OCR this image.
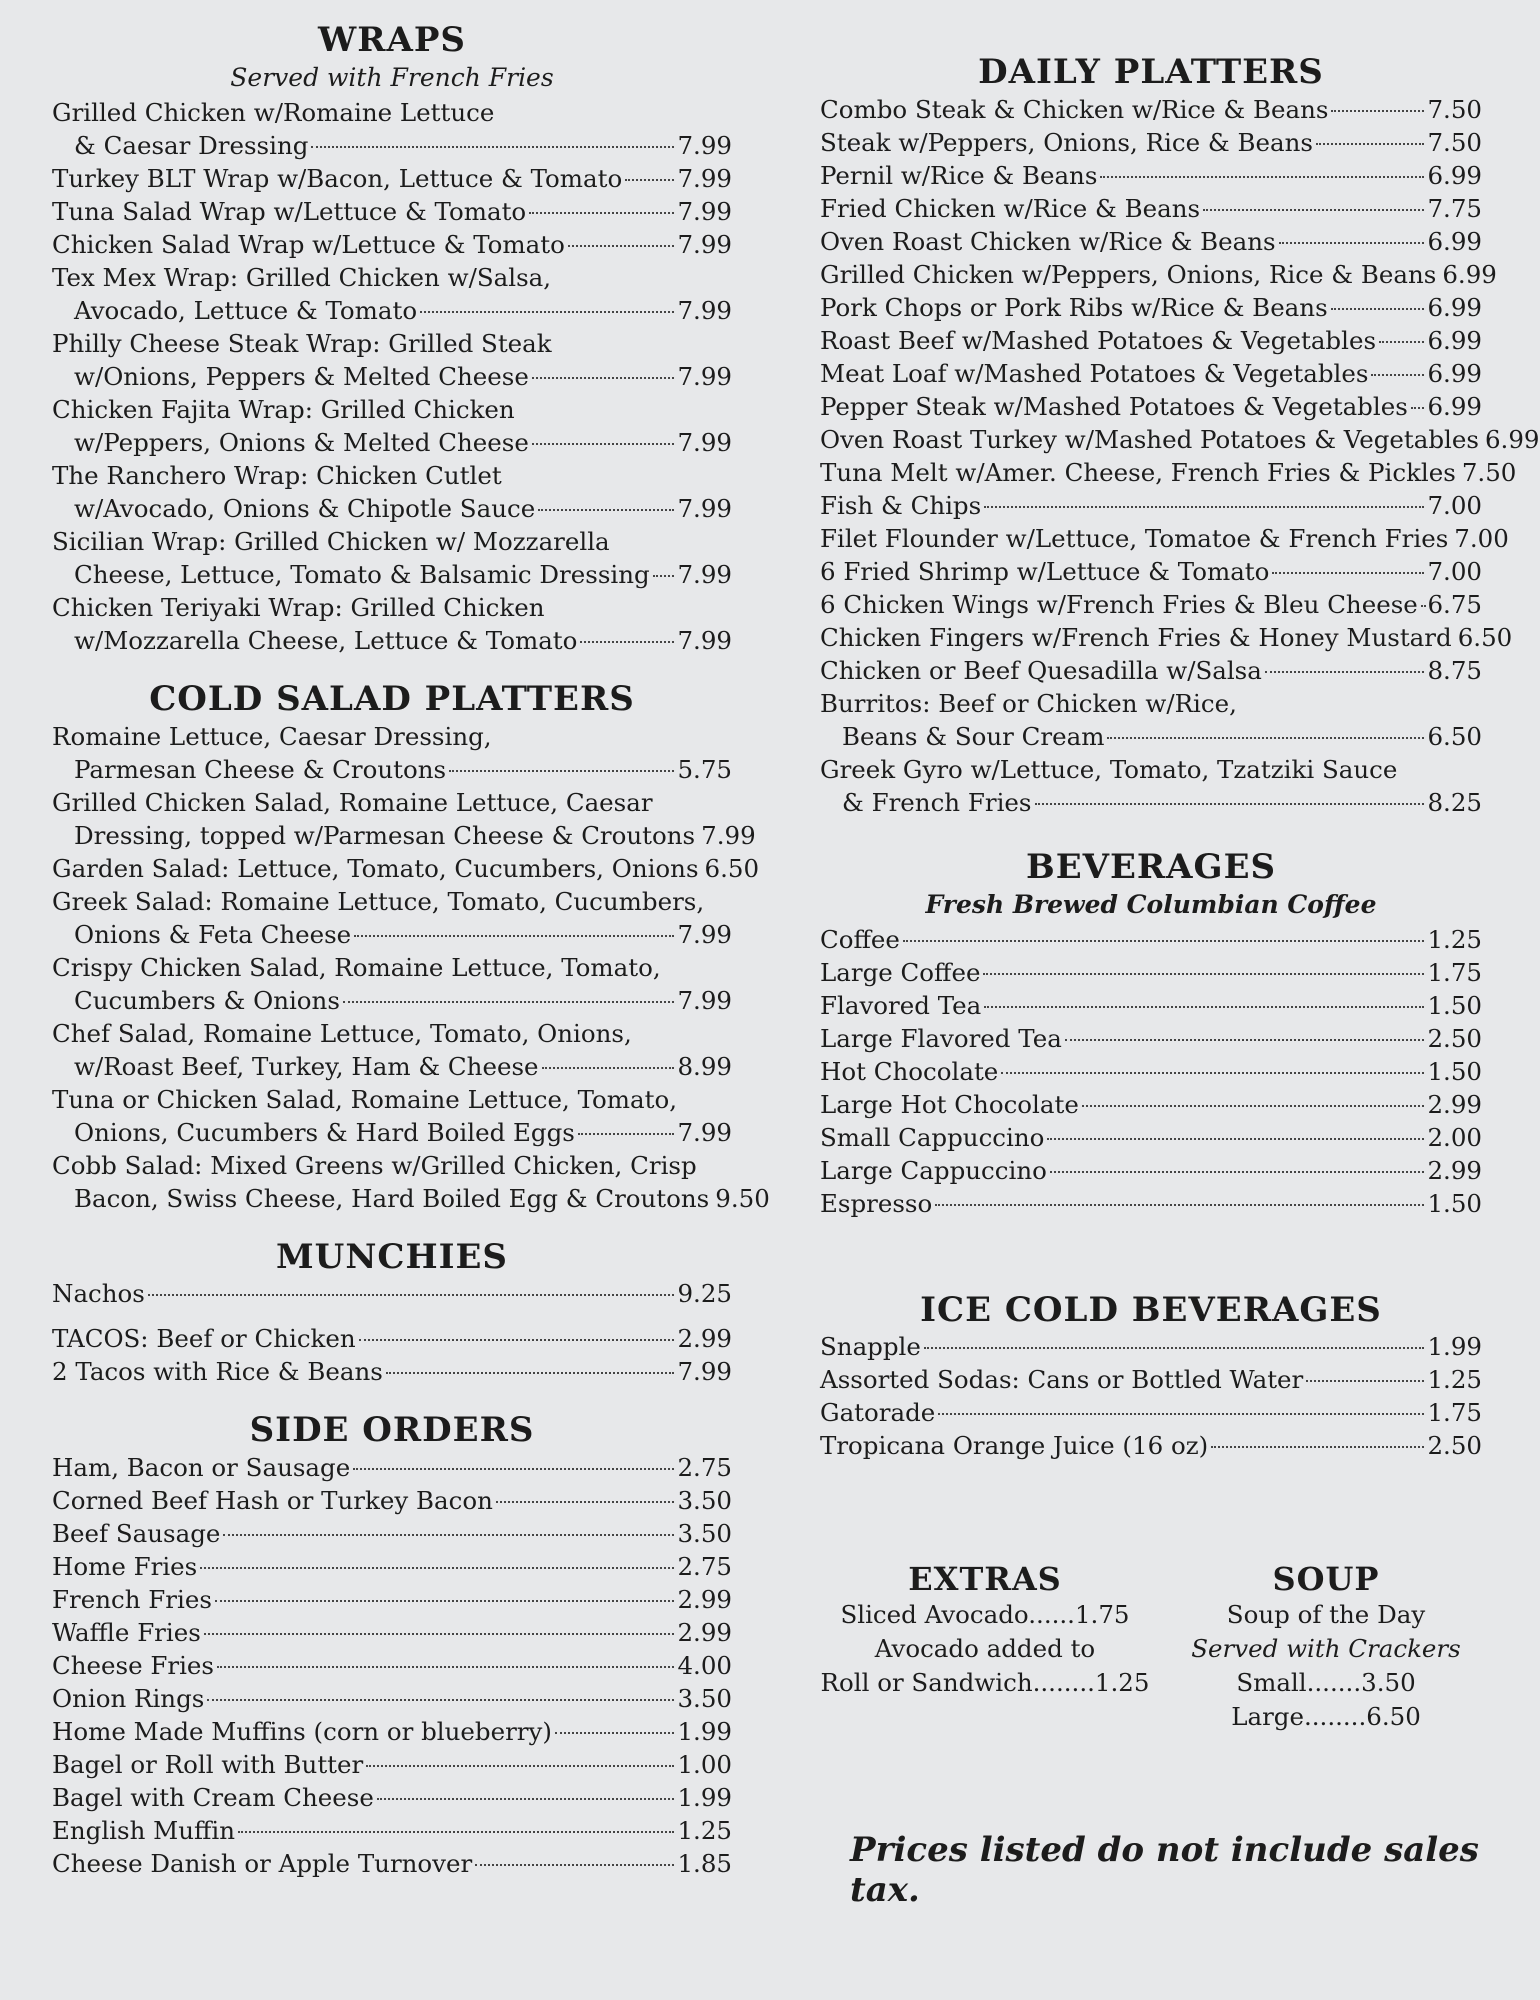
WRAPS
Served with French Fries
Grilled Chicken w/Romaine Lettuce
& Caesar Dressing	7.99
Turkey BLT Wrap w/Bacon, Lettuce & Tomato 7.99
Tuna Salad Wrap w/Lettuce & Tomato	7.99
Chicken Salad Wrap w/Lettuce & Tomato	7.99
Tex Mex Wrap: Grilled Chicken w/Salsa,
Avocado, Lettuce & Tomato	7.99
Philly Cheese Steak Wrap: Grilled Steak
w/Onions, Peppers & Melted Cheese	7.99
Chicken Fajita Wrap: Grilled Chicken
w/Peppers, Onions & Melted Cheese	7.99
The Ranchero Wrap: Chicken Cutlet
w/Avocado, Onions & Chipotle Sauce	7.99
Sicilian Wrap: Grilled Chicken w/ Mozzarella
Cheese, Lettuce, Tomato & Balsamic Dressing 7.99
Chicken Teriyaki Wrap: Grilled Chicken
w/Mozzarella Cheese, Lettuce & Tomato	7.99
COLD SALAD PLATTERS
Romaine Lettuce, Caesar Dressing,
Parmesan Cheese & Croutons	5.75
Grilled Chicken Salad, Romaine Lettuce, Caesar
Dressing, topped w/Parmesan Cheese & Croutons 7.99
Garden Salad: Lettuce, Tomato, Cucumbers, Onions 6.50
Greek Salad: Romaine Lettuce, Tomato, Cucumbers,
Onions & Feta Cheese	7.99
Crispy Chicken Salad, Romaine Lettuce, Tomato,
Cucumbers & Onions	7.99
Chef Salad, Romaine Lettuce, Tomato, Onions,
w/Roast Beef, Turkey, Ham & Cheese	8.99
Tuna or Chicken Salad, Romaine Lettuce, Tomato,
Onions, Cucumbers & Hard Boiled Eggs	7.99
Cobb Salad: Mixed Greens w/Grilled Chicken, Crisp
Bacon, Swiss Cheese, Hard Boiled Egg & Croutons 9.50
MUNCHIES
Nachos	9.25
TACOS: Beef or Chicken	2.99
2 Tacos with Rice & Beans	7.99
SIDE ORDERS
Ham, Bacon or Sausage	2.75
Corned Beef Hash or Turkey Bacon	3.50
Beef Sausage	3.50
Home Fries	2.75
French Fries	2.99
Waffle Fries	2.99
Cheese Fries	4.00
Onion Rings	3.50
Home Made Muffins (corn or blueberry)	1.99
Bagel or Roll with Butter	1.00
Bagel with Cream Cheese	1.99
English Muffin	1.25
Cheese Danish or Apple Turnover	1.85
DAILY PLATTERS
Combo Steak & Chicken w/Rice & Beans	7.50
Steak w/Peppers, Onions, Rice & Beans	7.50
Pernil w/Rice & Beans	6.99
Fried Chicken w/Rice & Beans	7.75
Oven Roast Chicken w/Rice & Beans	6.99
Grilled Chicken w/Peppers, Onions, Rice & Beans 6.99
Pork Chops or Pork Ribs w/Rice & Beans	6.99
Roast Beef w/Mashed Potatoes & Vegetables 6.99
Meat Loaf w/Mashed Potatoes & Vegetables 6.99
Pepper Steak w/Mashed Potatoes & Vegetables 6.99
Oven Roast Turkey w/Mashed Potatoes & Vegetables 6.99
Tuna Melt w/Amer. Cheese, French Fries & Pickles 7.50
Fish & Chips	7.00
Filet Flounder w/Lettuce, Tomatoe & French Fries 7.00
6 Fried Shrimp w/Lettuce & Tomato	7.00
6 Chicken Wings w/French Fries & Bleu Cheese 6.75
Chicken Fingers w/French Fries & Honey Mustard 6.50
Chicken or Beef Quesadilla w/Salsa	8.75
Burritos: Beef or Chicken w/Rice,
Beans & Sour Cream	6.50
Greek Gyro w/Lettuce, Tomato, Tzatziki Sauce
& French Fries	8.25
BEVERAGES
Fresh Brewed Columbian Coffee
Coffee	1.25
Large Coffee	1.75
Flavored Tea	1.50
Large Flavored Tea	2.50
Hot Chocolate	1.50
Large Hot Chocolate	2.99
Small Cappuccino	2.00
Large Cappuccino	2.99
Espresso	1.50
ICE COLD BEVERAGES
Snapple	1.99
Assorted Sodas: Cans or Bottled Water	1.25
Gatorade	1.75
Tropicana Orange Juice (16 oz)	2.50
EXTRAS
Sliced Avocado......1.75
Avocado added to
Roll or Sandwich........1.25
SOUP
Soup of the Day
Served with Crackers
Small.......3.50
Large........6.50
Prices listed do not include sales tax.
